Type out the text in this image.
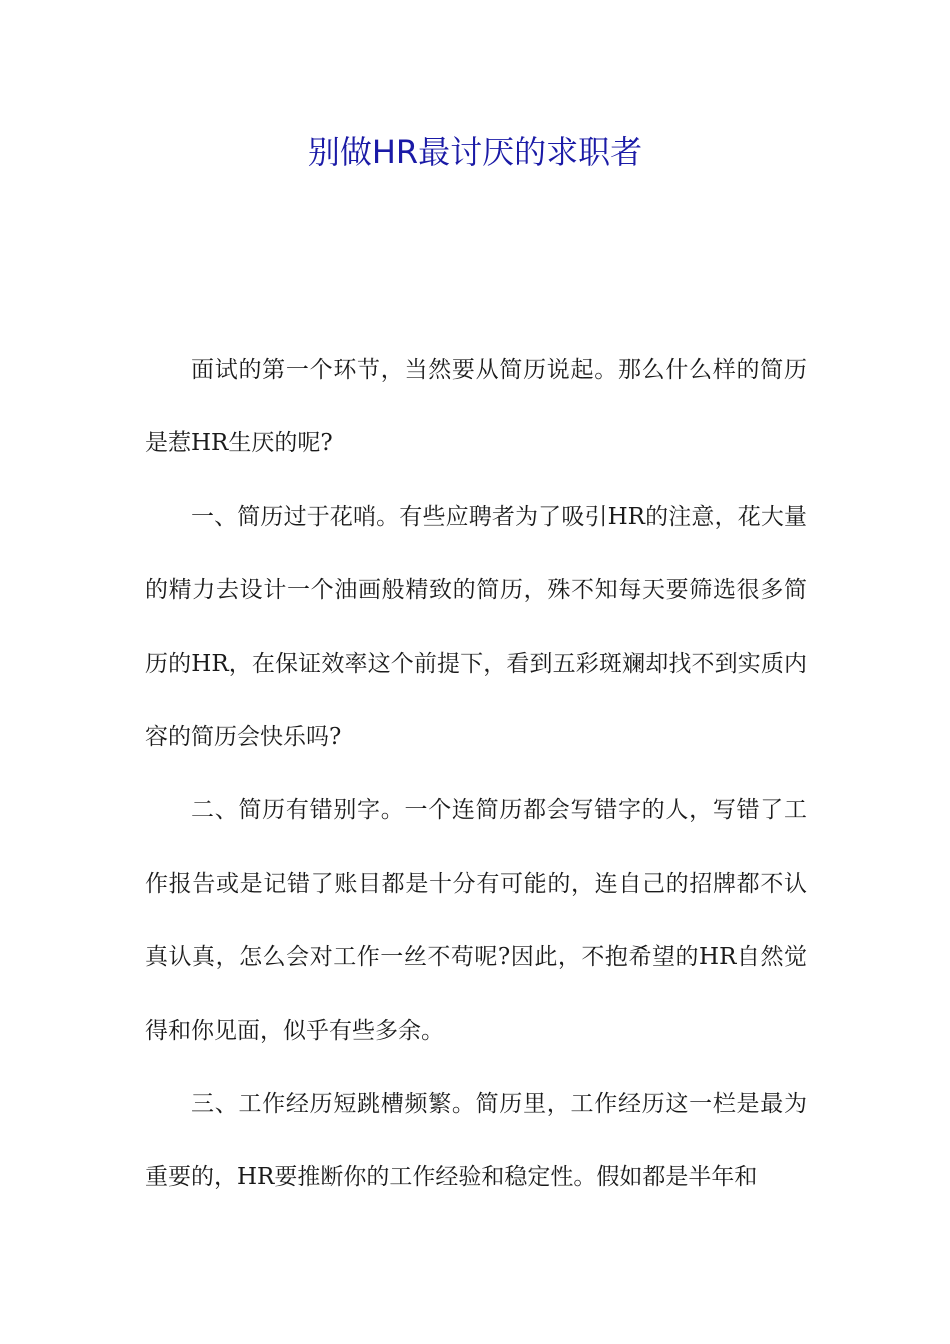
别做HR最讨厌的求职者

面试的第一个环节，当然要从简历说起。那么什么样的简历是惹HR生厌的呢?

一、简历过于花哨。有些应聘者为了吸引HR的注意，花大量的精力去设计一个油画般精致的简历，殊不知每天要筛选很多简历的HR，在保证效率这个前提下，看到五彩斑斓却找不到实质内容的简历会快乐吗?

二、简历有错别字。一个连简历都会写错字的人，写错了工作报告或是记错了账目都是十分有可能的，连自己的招牌都不认真认真，怎么会对工作一丝不苟呢?因此，不抱希望的HR自然觉得和你见面，似乎有些多余。

三、工作经历短跳槽频繁。简历里，工作经历这一栏是最为重要的，HR要推断你的工作经验和稳定性。假如都是半年和
